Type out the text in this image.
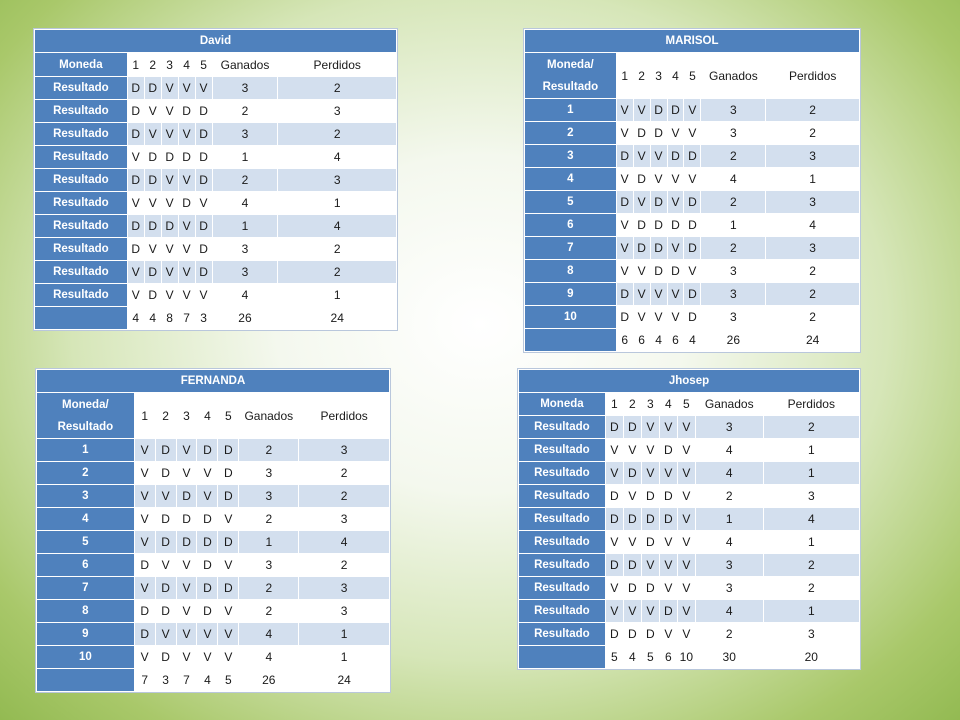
David							
Moneda	1	2	3	4	5	Ganados	Perdidos
Resultado	D	D	V	V	V	3	2
Resultado	D	V	V	D	D	2	3
Resultado	D	V	V	V	D	3	2
Resultado	V	D	D	D	D	1	4
Resultado	D	D	V	V	D	2	3
Resultado	V	V	V	D	V	4	1
Resultado	D	D	D	V	D	1	4
Resultado	D	V	V	V	D	3	2
Resultado	V	D	V	V	D	3	2
Resultado	V	D	V	V	V	4	1
	4	4	8	7	3	26	24
MARISOL							
Moneda/ Resultado	1	2	3	4	5	Ganados	Perdidos
1	V	V	D	D	V	3	2
2	V	D	D	V	V	3	2
3	D	V	V	D	D	2	3
4	V	D	V	V	V	4	1
5	D	V	D	V	D	2	3
6	V	D	D	D	D	1	4
7	V	D	D	V	D	2	3
8	V	V	D	D	V	3	2
9	D	V	V	V	D	3	2
10	D	V	V	V	D	3	2
	6	6	4	6	4	26	24
FERNANDA							
Moneda/ Resultado	1	2	3	4	5	Ganados	Perdidos
1	V	D	V	D	D	2	3
2	V	D	V	V	D	3	2
3	V	V	D	V	D	3	2
4	V	D	D	D	V	2	3
5	V	D	D	D	D	1	4
6	D	V	V	D	V	3	2
7	V	D	V	D	D	2	3
8	D	D	V	D	V	2	3
9	D	V	V	V	V	4	1
10	V	D	V	V	V	4	1
	7	3	7	4	5	26	24
Jhosep							
Moneda	1	2	3	4	5	Ganados	Perdidos
Resultado	D	D	V	V	V	3	2
Resultado	V	V	V	D	V	4	1
Resultado	V	D	V	V	V	4	1
Resultado	D	V	D	D	V	2	3
Resultado	D	D	D	D	V	1	4
Resultado	V	V	D	V	V	4	1
Resultado	D	D	V	V	V	3	2
Resultado	V	D	D	V	V	3	2
Resultado	V	V	V	D	V	4	1
Resultado	D	D	D	V	V	2	3
	5	4	5	6	10	30	20
